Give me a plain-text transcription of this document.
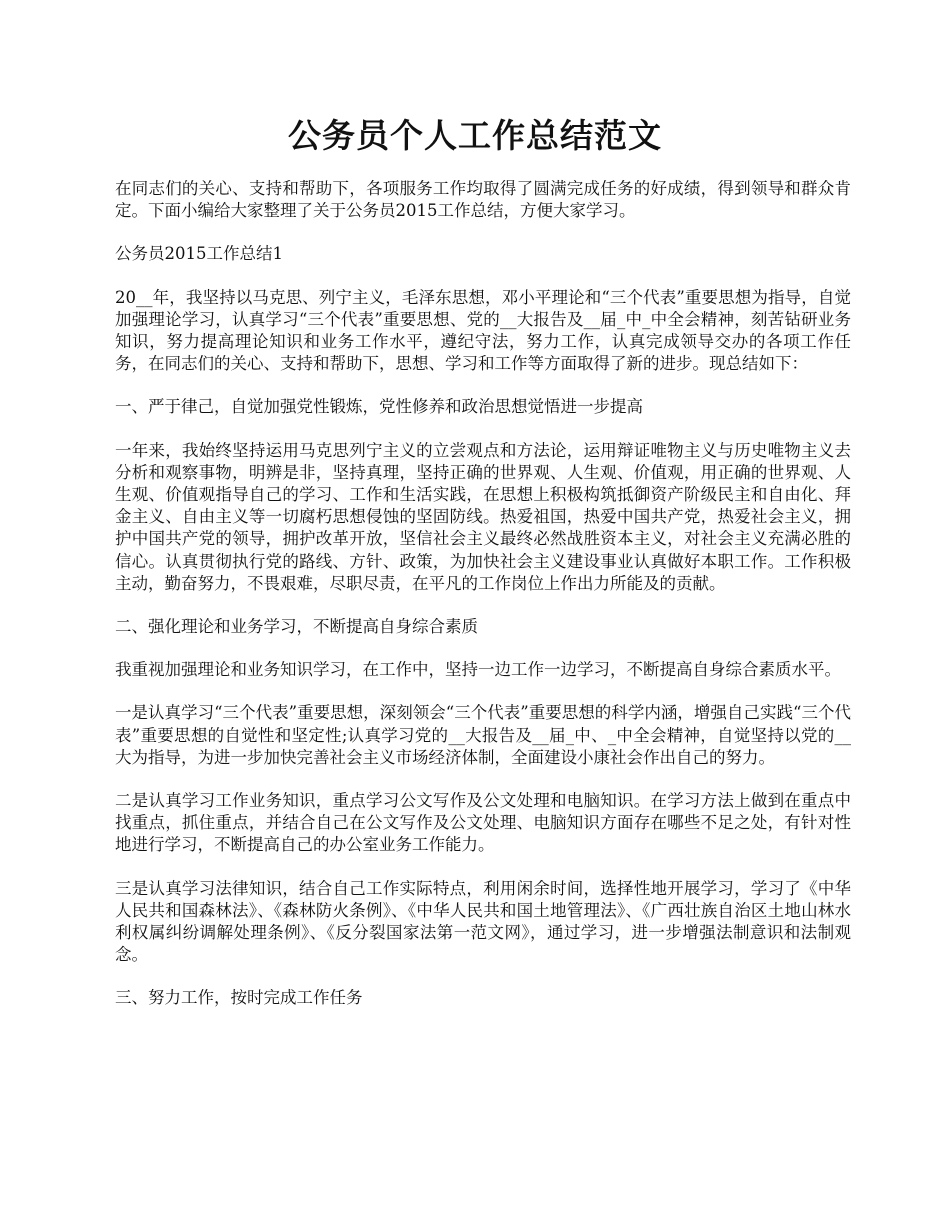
公务员个人工作总结范文

在同志们的关心、支持和帮助下，各项服务工作均取得了圆满完成任务的好成绩，得到领导和群众肯定。下面小编给大家整理了关于公务员2015工作总结，方便大家学习。

公务员2015工作总结1

20__年，我坚持以马克思、列宁主义，毛泽东思想，邓小平理论和“三个代表”重要思想为指导，自觉加强理论学习，认真学习“三个代表”重要思想、党的__大报告及__届_中_中全会精神，刻苦钻研业务知识，努力提高理论知识和业务工作水平，遵纪守法，努力工作，认真完成领导交办的各项工作任务，在同志们的关心、支持和帮助下，思想、学习和工作等方面取得了新的进步。现总结如下：

一、严于律己，自觉加强党性锻炼，党性修养和政治思想觉悟进一步提高

一年来，我始终坚持运用马克思列宁主义的立尝观点和方法论，运用辩证唯物主义与历史唯物主义去分析和观察事物，明辨是非，坚持真理，坚持正确的世界观、人生观、价值观，用正确的世界观、人生观、价值观指导自己的学习、工作和生活实践，在思想上积极构筑抵御资产阶级民主和自由化、拜金主义、自由主义等一切腐朽思想侵蚀的坚固防线。热爱祖国，热爱中国共产党，热爱社会主义，拥护中国共产党的领导，拥护改革开放，坚信社会主义最终必然战胜资本主义，对社会主义充满必胜的信心。认真贯彻执行党的路线、方针、政策，为加快社会主义建设事业认真做好本职工作。工作积极主动，勤奋努力，不畏艰难，尽职尽责，在平凡的工作岗位上作出力所能及的贡献。

二、强化理论和业务学习，不断提高自身综合素质

我重视加强理论和业务知识学习，在工作中，坚持一边工作一边学习，不断提高自身综合素质水平。

一是认真学习“三个代表”重要思想，深刻领会“三个代表”重要思想的科学内涵，增强自己实践“三个代表”重要思想的自觉性和坚定性;认真学习党的__大报告及__届_中、_中全会精神，自觉坚持以党的__大为指导，为进一步加快完善社会主义市场经济体制，全面建设小康社会作出自己的努力。

二是认真学习工作业务知识，重点学习公文写作及公文处理和电脑知识。在学习方法上做到在重点中找重点，抓住重点，并结合自己在公文写作及公文处理、电脑知识方面存在哪些不足之处，有针对性地进行学习，不断提高自己的办公室业务工作能力。

三是认真学习法律知识，结合自己工作实际特点，利用闲余时间，选择性地开展学习，学习了《中华人民共和国森林法》、《森林防火条例》、《中华人民共和国土地管理法》、《广西壮族自治区土地山林水利权属纠纷调解处理条例》、《反分裂国家法第一范文网》，通过学习，进一步增强法制意识和法制观念。

三、努力工作，按时完成工作任务
